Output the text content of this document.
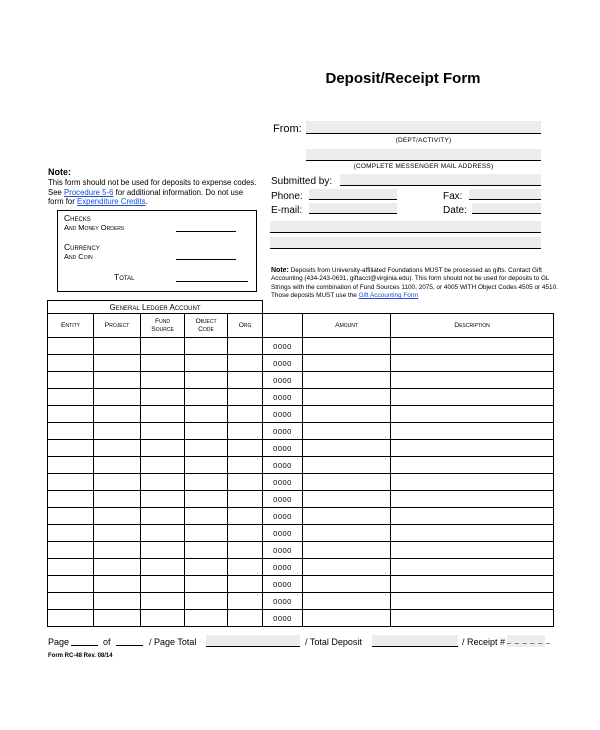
Deposit/Receipt Form
From:
(DEPT/ACTIVITY)
(COMPLETE MESSENGER MAIL ADDRESS)
Submitted by:
Phone:	Fax:
E-mail:	Date:
Note:
This form should not be used for deposits to expense codes. See Procedure 5-6 for additional information. Do not use form for Expenditure Credits.
Checks
And Money Orders
Currency
And Coin
Total
Note: Deposits from University-affiliated Foundations MUST be processed as gifts. Contact Gift Accounting (434-243-0631, giftacct@virginia.edu). This form should not be used for deposits to GL Strings with the combination of Fund Sources 1100, 2075, or 4005 WITH Object Codes 4505 or 4510. Those deposits MUST use the Gift Accounting Form
General Ledger Account							
Entity	Project	Fund Source	Object Code	Org		Amount	Description
					0000		
					0000		
					0000		
					0000		
					0000		
					0000		
					0000		
					0000		
					0000		
					0000		
					0000		
					0000		
					0000		
					0000		
					0000		
					0000		
					0000		
Page	of	/ Page Total	/ Total Deposit	/ Receipt # _ _ _ _ _ _
Form RC-48 Rev. 08/14
